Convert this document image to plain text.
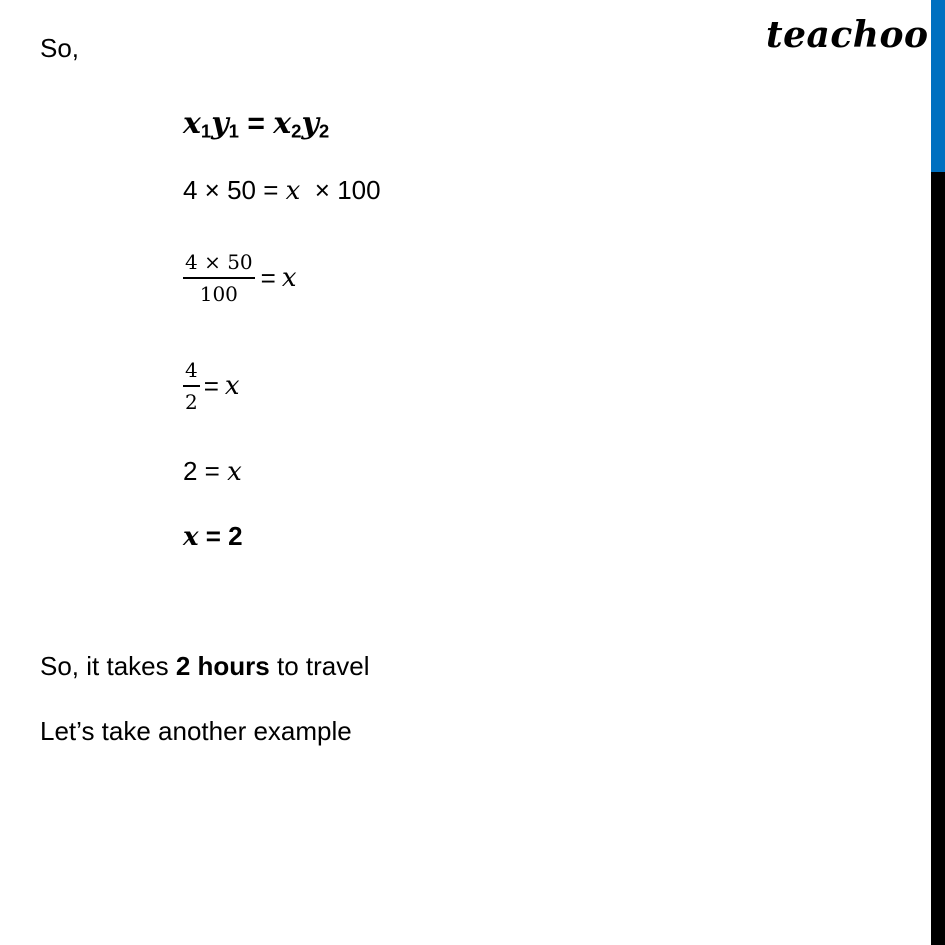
teachoo
So,
$x_1y_1 = x_2y_2$
4 × 50 = x × 100
$\frac{4 \times 50}{100} = x$
$\frac{4}{2} = x$
2 = x
x = 2
So, it takes 2 hours to travel
Let’s take another example
